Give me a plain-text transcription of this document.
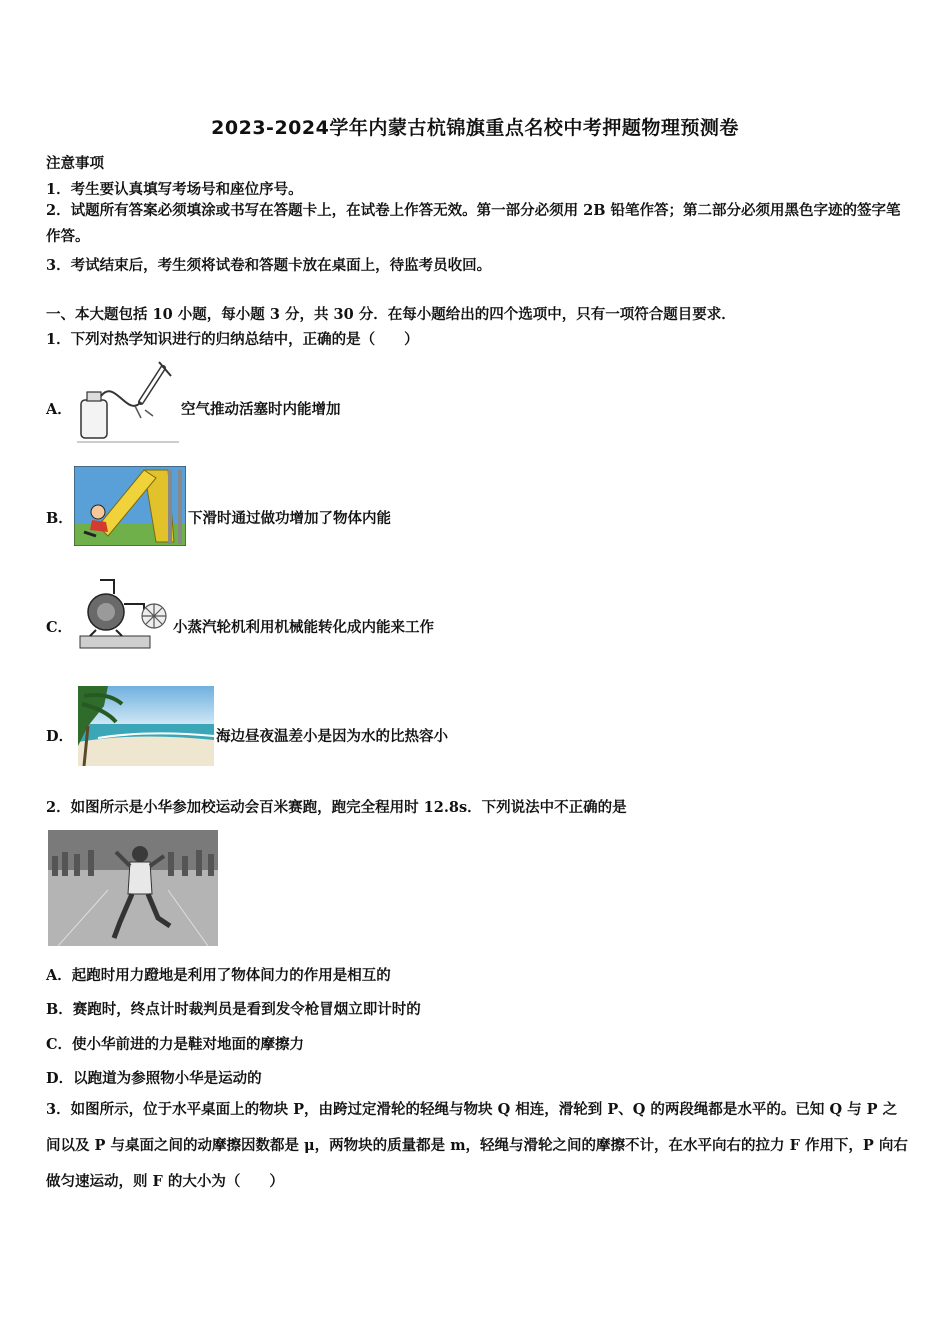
2023-2024学年内蒙古杭锦旗重点名校中考押题物理预测卷
注意事项
1．考生要认真填写考场号和座位序号。
2．试题所有答案必须填涂或书写在答题卡上，在试卷上作答无效。第一部分必须用 2B 铅笔作答；第二部分必须用黑色字迹的签字笔作答。
3．考试结束后，考生须将试卷和答题卡放在桌面上，待监考员收回。
一、本大题包括 10 小题，每小题 3 分，共 30 分．在每小题给出的四个选项中，只有一项符合题目要求．
1．下列对热学知识进行的归纳总结中，正确的是（　　）
A．	空气推动活塞时内能增加
B．	下滑时通过做功增加了物体内能
C．	小蒸汽轮机利用机械能转化成内能来工作
D．	海边昼夜温差小是因为水的比热容小
2．如图所示是小华参加校运动会百米赛跑，跑完全程用时 12.8s．下列说法中不正确的是
A．起跑时用力蹬地是利用了物体间力的作用是相互的
B．赛跑时，终点计时裁判员是看到发令枪冒烟立即计时的
C．使小华前进的力是鞋对地面的摩擦力
D．以跑道为参照物小华是运动的
3．如图所示，位于水平桌面上的物块 P，由跨过定滑轮的轻绳与物块 Q 相连，滑轮到 P、Q 的两段绳都是水平的。已知 Q 与 P 之间以及 P 与桌面之间的动摩擦因数都是 μ，两物块的质量都是 m，轻绳与滑轮之间的摩擦不计，在水平向右的拉力 F 作用下，P 向右做匀速运动，则 F 的大小为（　　）
